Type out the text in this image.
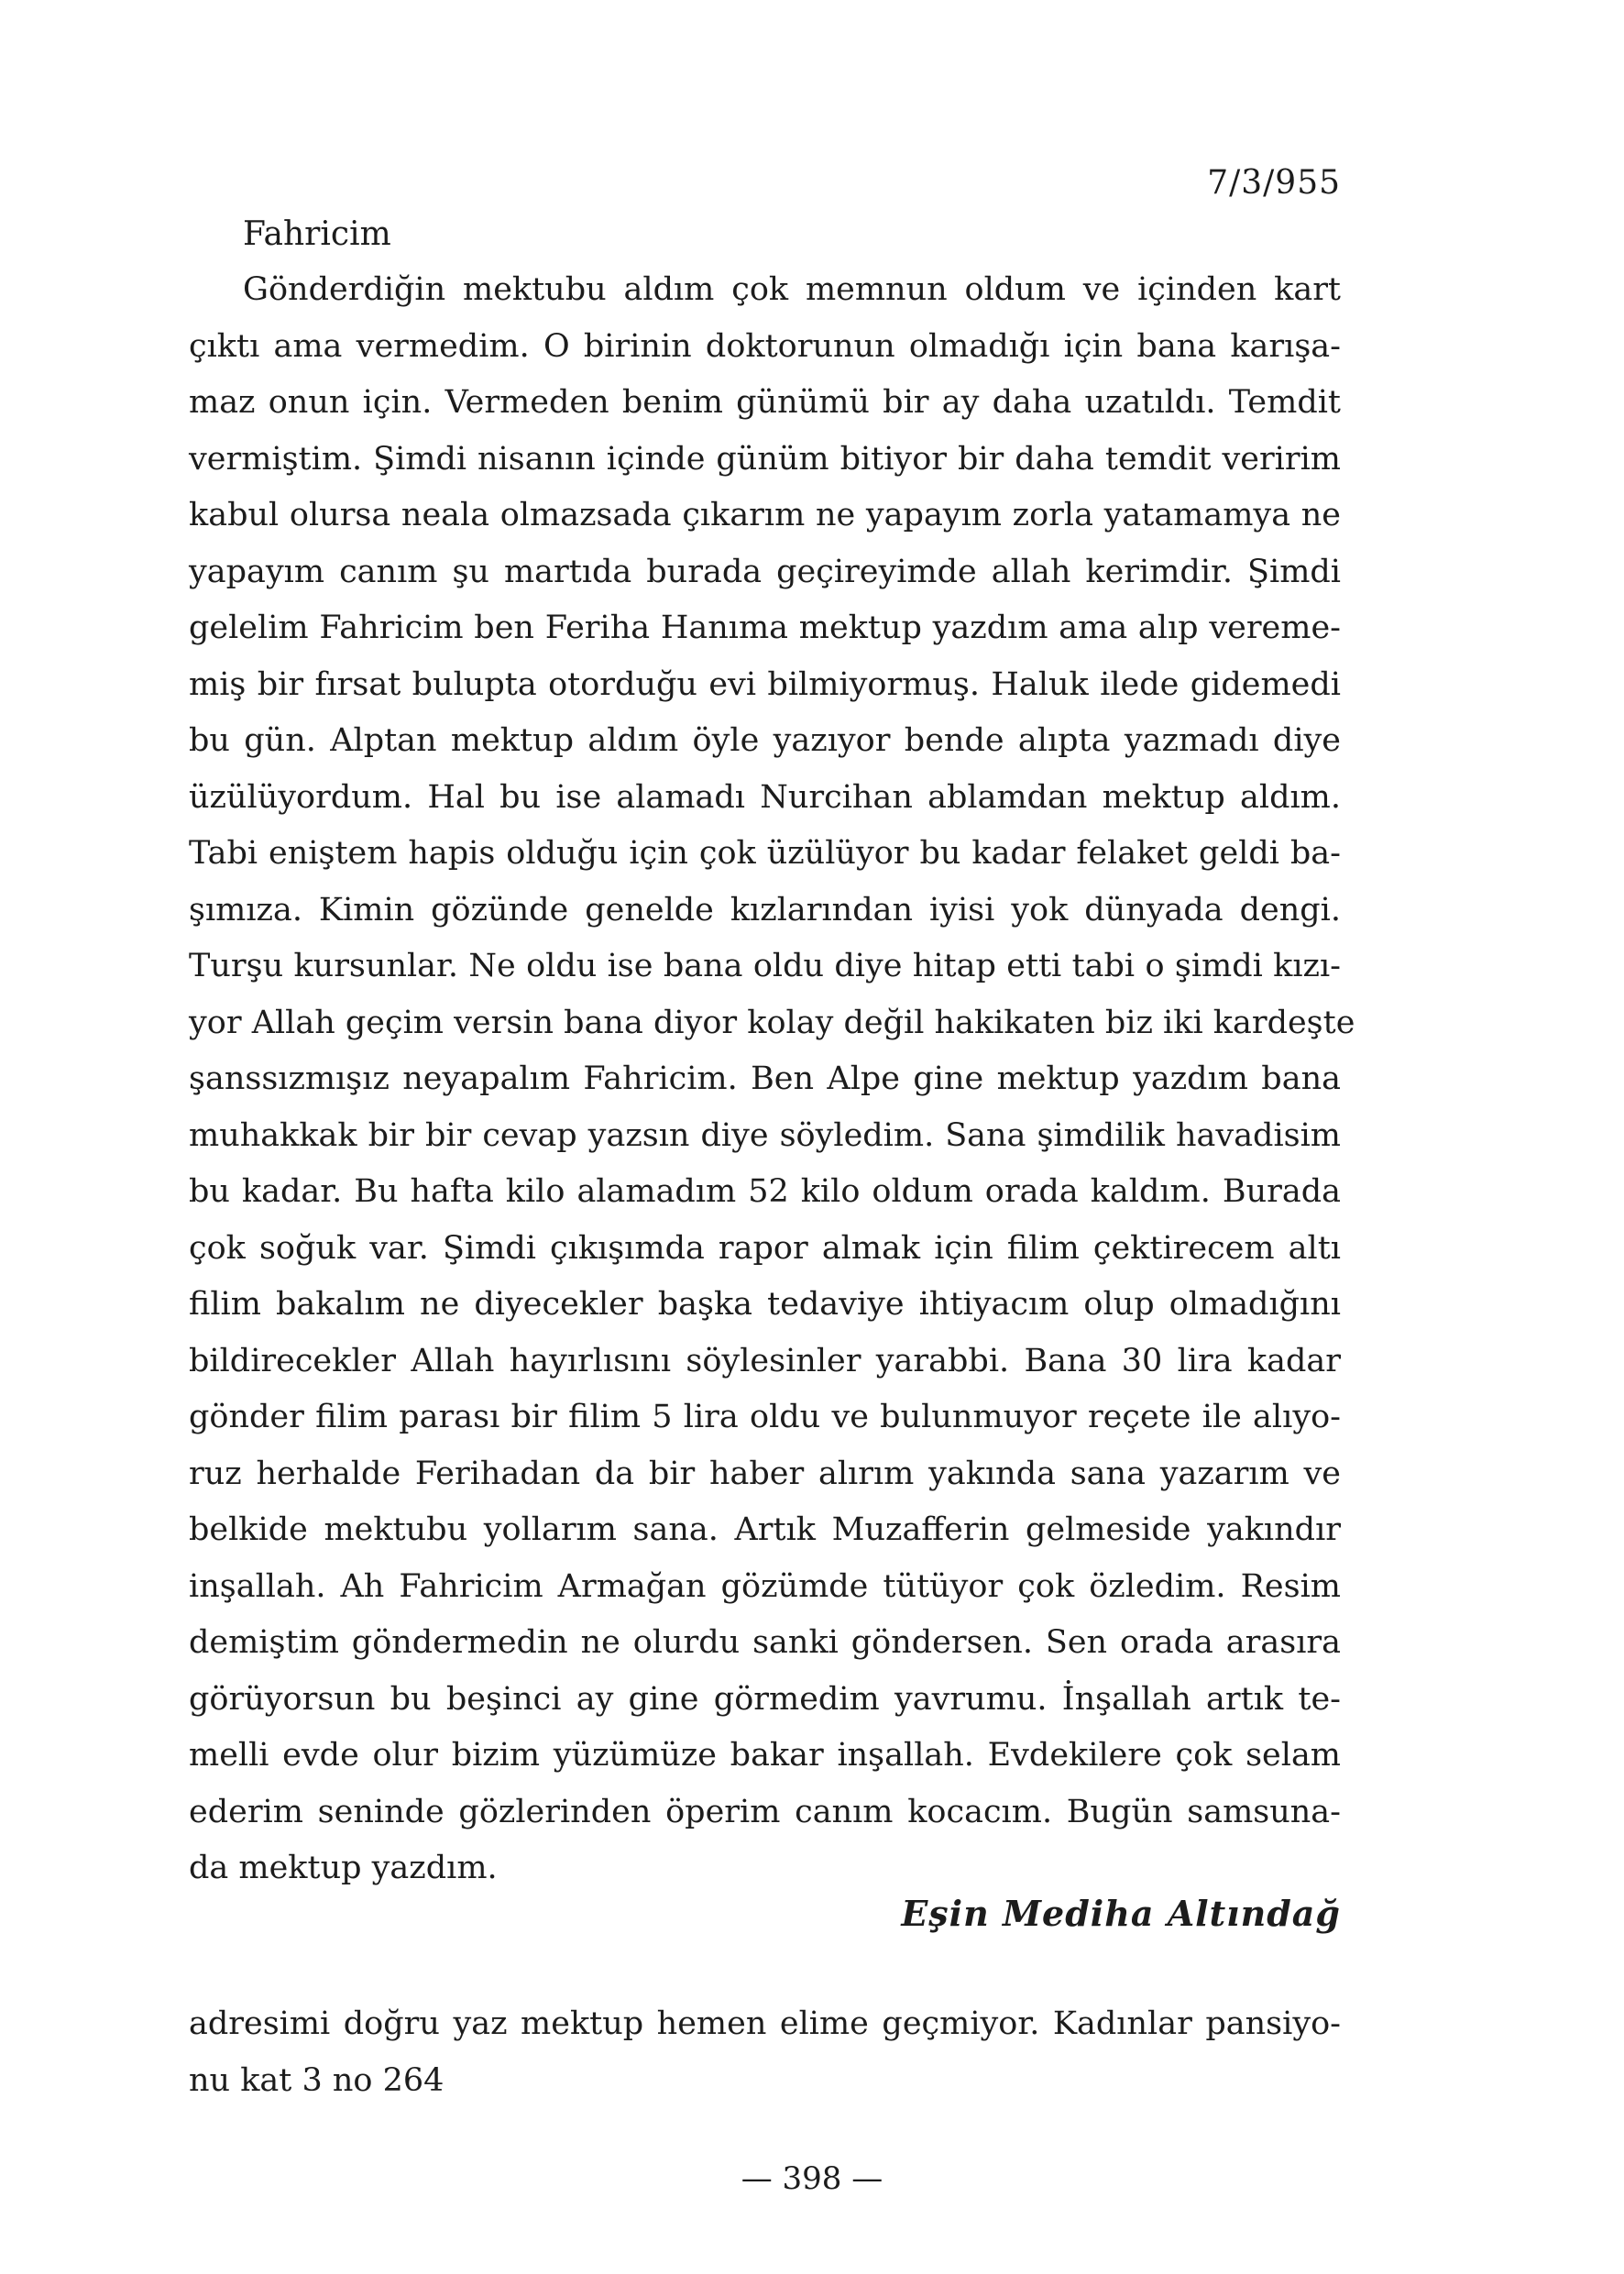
7/3/955
Fahricim
Gönderdiğin mektubu aldım çok memnun oldum ve içinden kart
çıktı ama vermedim. O birinin doktorunun olmadığı için bana karışa-
maz onun için. Vermeden benim günümü bir ay daha uzatıldı. Temdit
vermiştim. Şimdi nisanın içinde günüm bitiyor bir daha temdit veririm
kabul olursa neala olmazsada çıkarım ne yapayım zorla yatamamya ne
yapayım canım şu martıda burada geçireyimde allah kerimdir. Şimdi
gelelim Fahricim ben Feriha Hanıma mektup yazdım ama alıp vereme-
miş bir fırsat buluptа otorduğu evi bilmiyormuş. Haluk ilede gidemedi
bu gün. Alptan mektup aldım öyle yazıyor bende alıpta yazmadı diye
üzülüyordum. Hal bu ise alamadı Nurcihan ablamdan mektup aldım.
Tabi eniştem hapis olduğu için çok üzülüyor bu kadar felaket geldi ba-
şımıza. Kimin gözünde genelde kızlarından iyisi yok dünyada dengi.
Turşu kursunlar. Ne oldu ise bana oldu diye hitap etti tabi o şimdi kızı-
yor Allah geçim versin bana diyor kolay değil hakikaten biz iki kardeşte
şanssızmışız neyapalım Fahricim. Ben Alpe gine mektup yazdım bana
muhakkak bir bir cevap yazsın diye söyledim. Sana şimdilik havadisim
bu kadar. Bu hafta kilo alamadım 52 kilo oldum orada kaldım. Burada
çok soğuk var. Şimdi çıkışımda rapor almak için filim çektirecem altı
filim bakalım ne diyecekler başka tedaviye ihtiyacım olup olmadığını
bildirecekler Allah hayırlısını söylesinler yarabbi. Bana 30 lira kadar
gönder filim parası bir filim 5 lira oldu ve bulunmuyor reçete ile alıyo-
ruz herhalde Ferihadan da bir haber alırım yakında sana yazarım ve
belkide mektubu yollarım sana. Artık Muzafferin gelmeside yakındır
inşallah. Ah Fahricim Armağan gözümde tütüyor çok özledim. Resim
demiştim göndermedin ne olurdu sanki göndersen. Sen orada arasıra
görüyorsun bu beşinci ay gine görmedim yavrumu. İnşallah artık te-
melli evde olur bizim yüzümüze bakar inşallah. Evdekilere çok selam
ederim seninde gözlerinden öperim canım kocacım. Bugün samsuna-
da mektup yazdım.
Eşin Mediha Altındağ
adresimi doğru yaz mektup hemen elime geçmiyor. Kadınlar pansiyo-
nu kat 3 no 264
— 398 —
